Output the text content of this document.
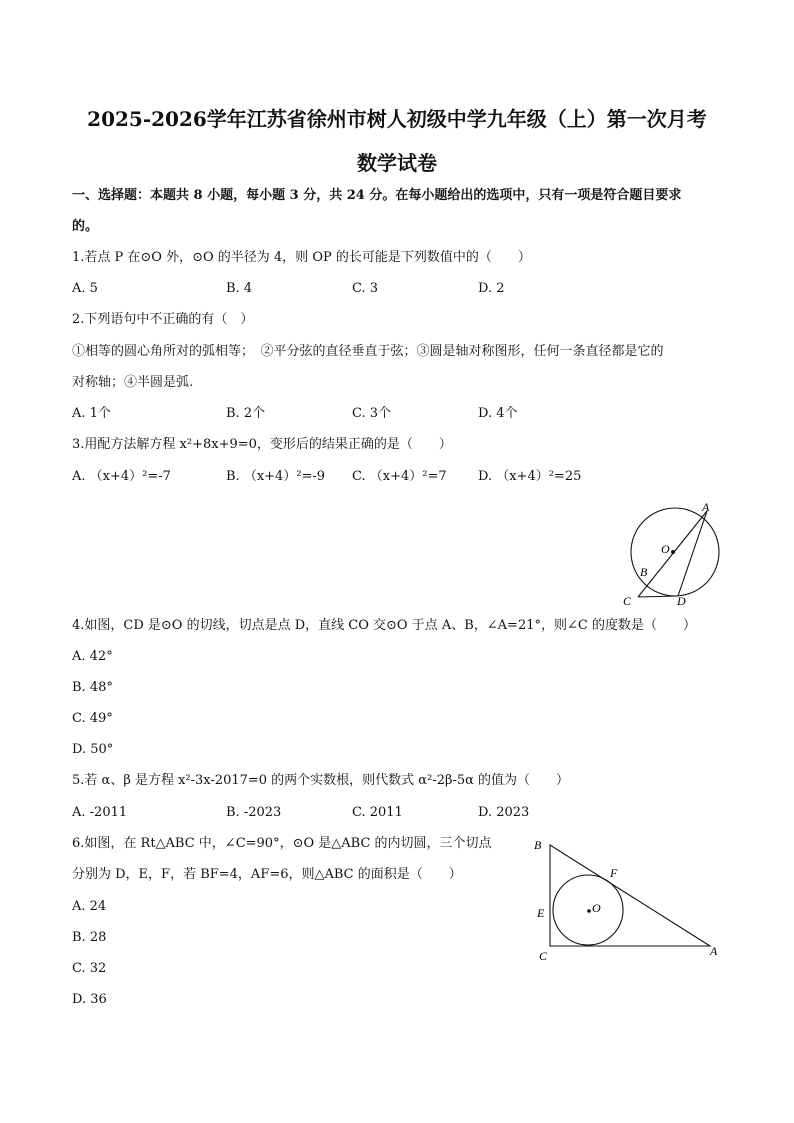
2025-2026学年江苏省徐州市树人初级中学九年级（上）第一次月考
数学试卷
一、选择题：本题共 8 小题，每小题 3 分，共 24 分。在每小题给出的选项中，只有一项是符合题目要求
的。
1.若点 P 在⊙O 外，⊙O 的半径为 4，则 OP 的长可能是下列数值中的（　　）
A. 5	B. 4	C. 3	D. 2
2.下列语句中不正确的有（　）
①相等的圆心角所对的弧相等；　②平分弦的直径垂直于弦；③圆是轴对称图形，任何一条直径都是它的
对称轴；④半圆是弧.
A. 1个	B. 2个	C. 3个	D. 4个
3.用配方法解方程 x²+8x+9=0，变形后的结果正确的是（　　）
A. （x+4）²=-7	B. （x+4）²=-9 C. （x+4）²=7 D. （x+4）²=25
A
O
B
C	D
4.如图，CD 是⊙O 的切线，切点是点 D，直线 CO 交⊙O 于点 A、B，∠A=21°，则∠C 的度数是（　　）
A. 42°
B. 48°
C. 49°
D. 50°
5.若 α、β 是方程 x²-3x-2017=0 的两个实数根，则代数式 α²-2β-5α 的值为（　　）
A. -2011	B. -2023	C. 2011	D. 2023
6.如图，在 Rt△ABC 中，∠C=90°，⊙O 是△ABC 的内切圆，三个切点
分别为 D，E，F，若 BF=4，AF=6，则△ABC 的面积是（　　）
A. 24
B. 28
C. 32
D. 36
B
F
E	O
C	A
